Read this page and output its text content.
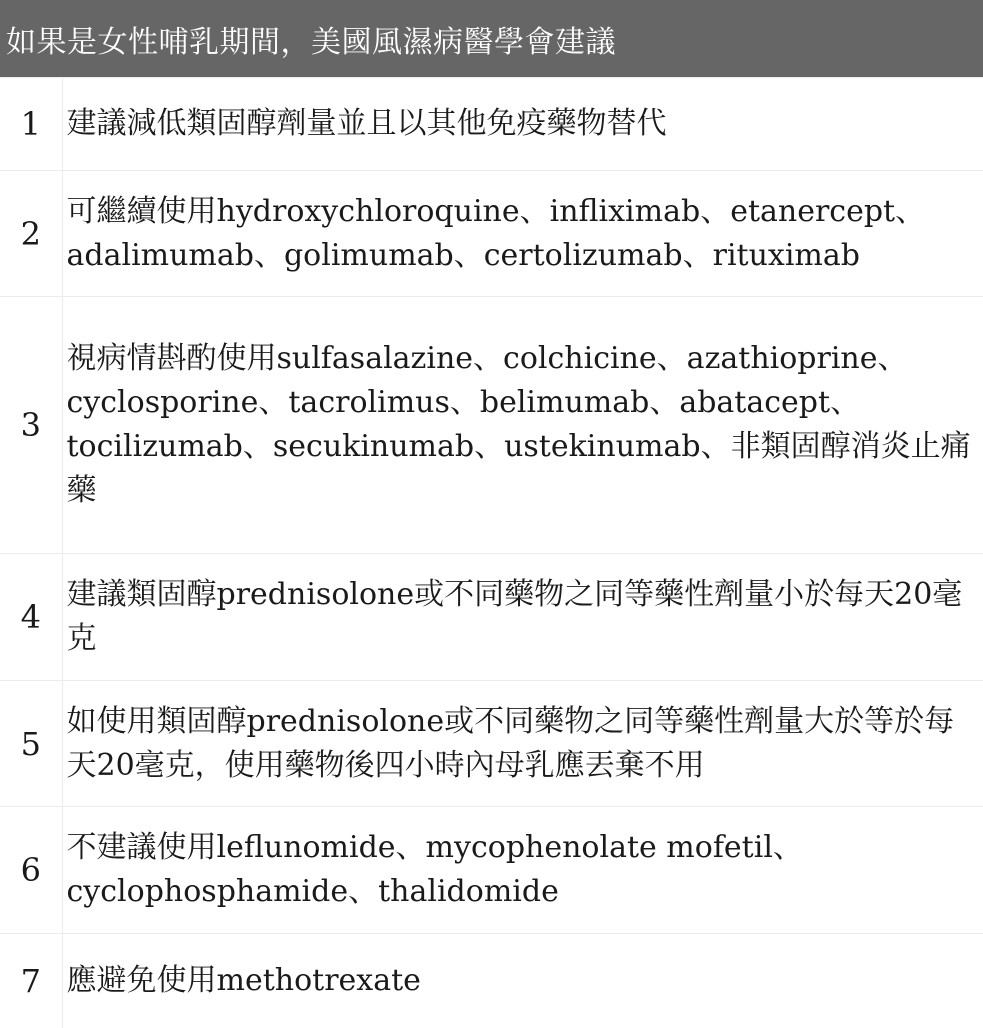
如果是女性哺乳期間，美國風濕病醫學會建議
1	建議減低類固醇劑量並且以其他免疫藥物替代
2	可繼續使用hydroxychloroquine、infliximab、etanercept、adalimumab、golimumab、certolizumab、rituximab
3	視病情斟酌使用sulfasalazine、colchicine、azathioprine、cyclosporine、tacrolimus、belimumab、abatacept、tocilizumab、secukinumab、ustekinumab、非類固醇消炎止痛藥
4	建議類固醇prednisolone或不同藥物之同等藥性劑量小於每天20毫克
5	如使用類固醇prednisolone或不同藥物之同等藥性劑量大於等於每天20毫克，使用藥物後四小時內母乳應丟棄不用
6	不建議使用leflunomide、mycophenolate mofetil、cyclophosphamide、thalidomide
7	應避免使用methotrexate
